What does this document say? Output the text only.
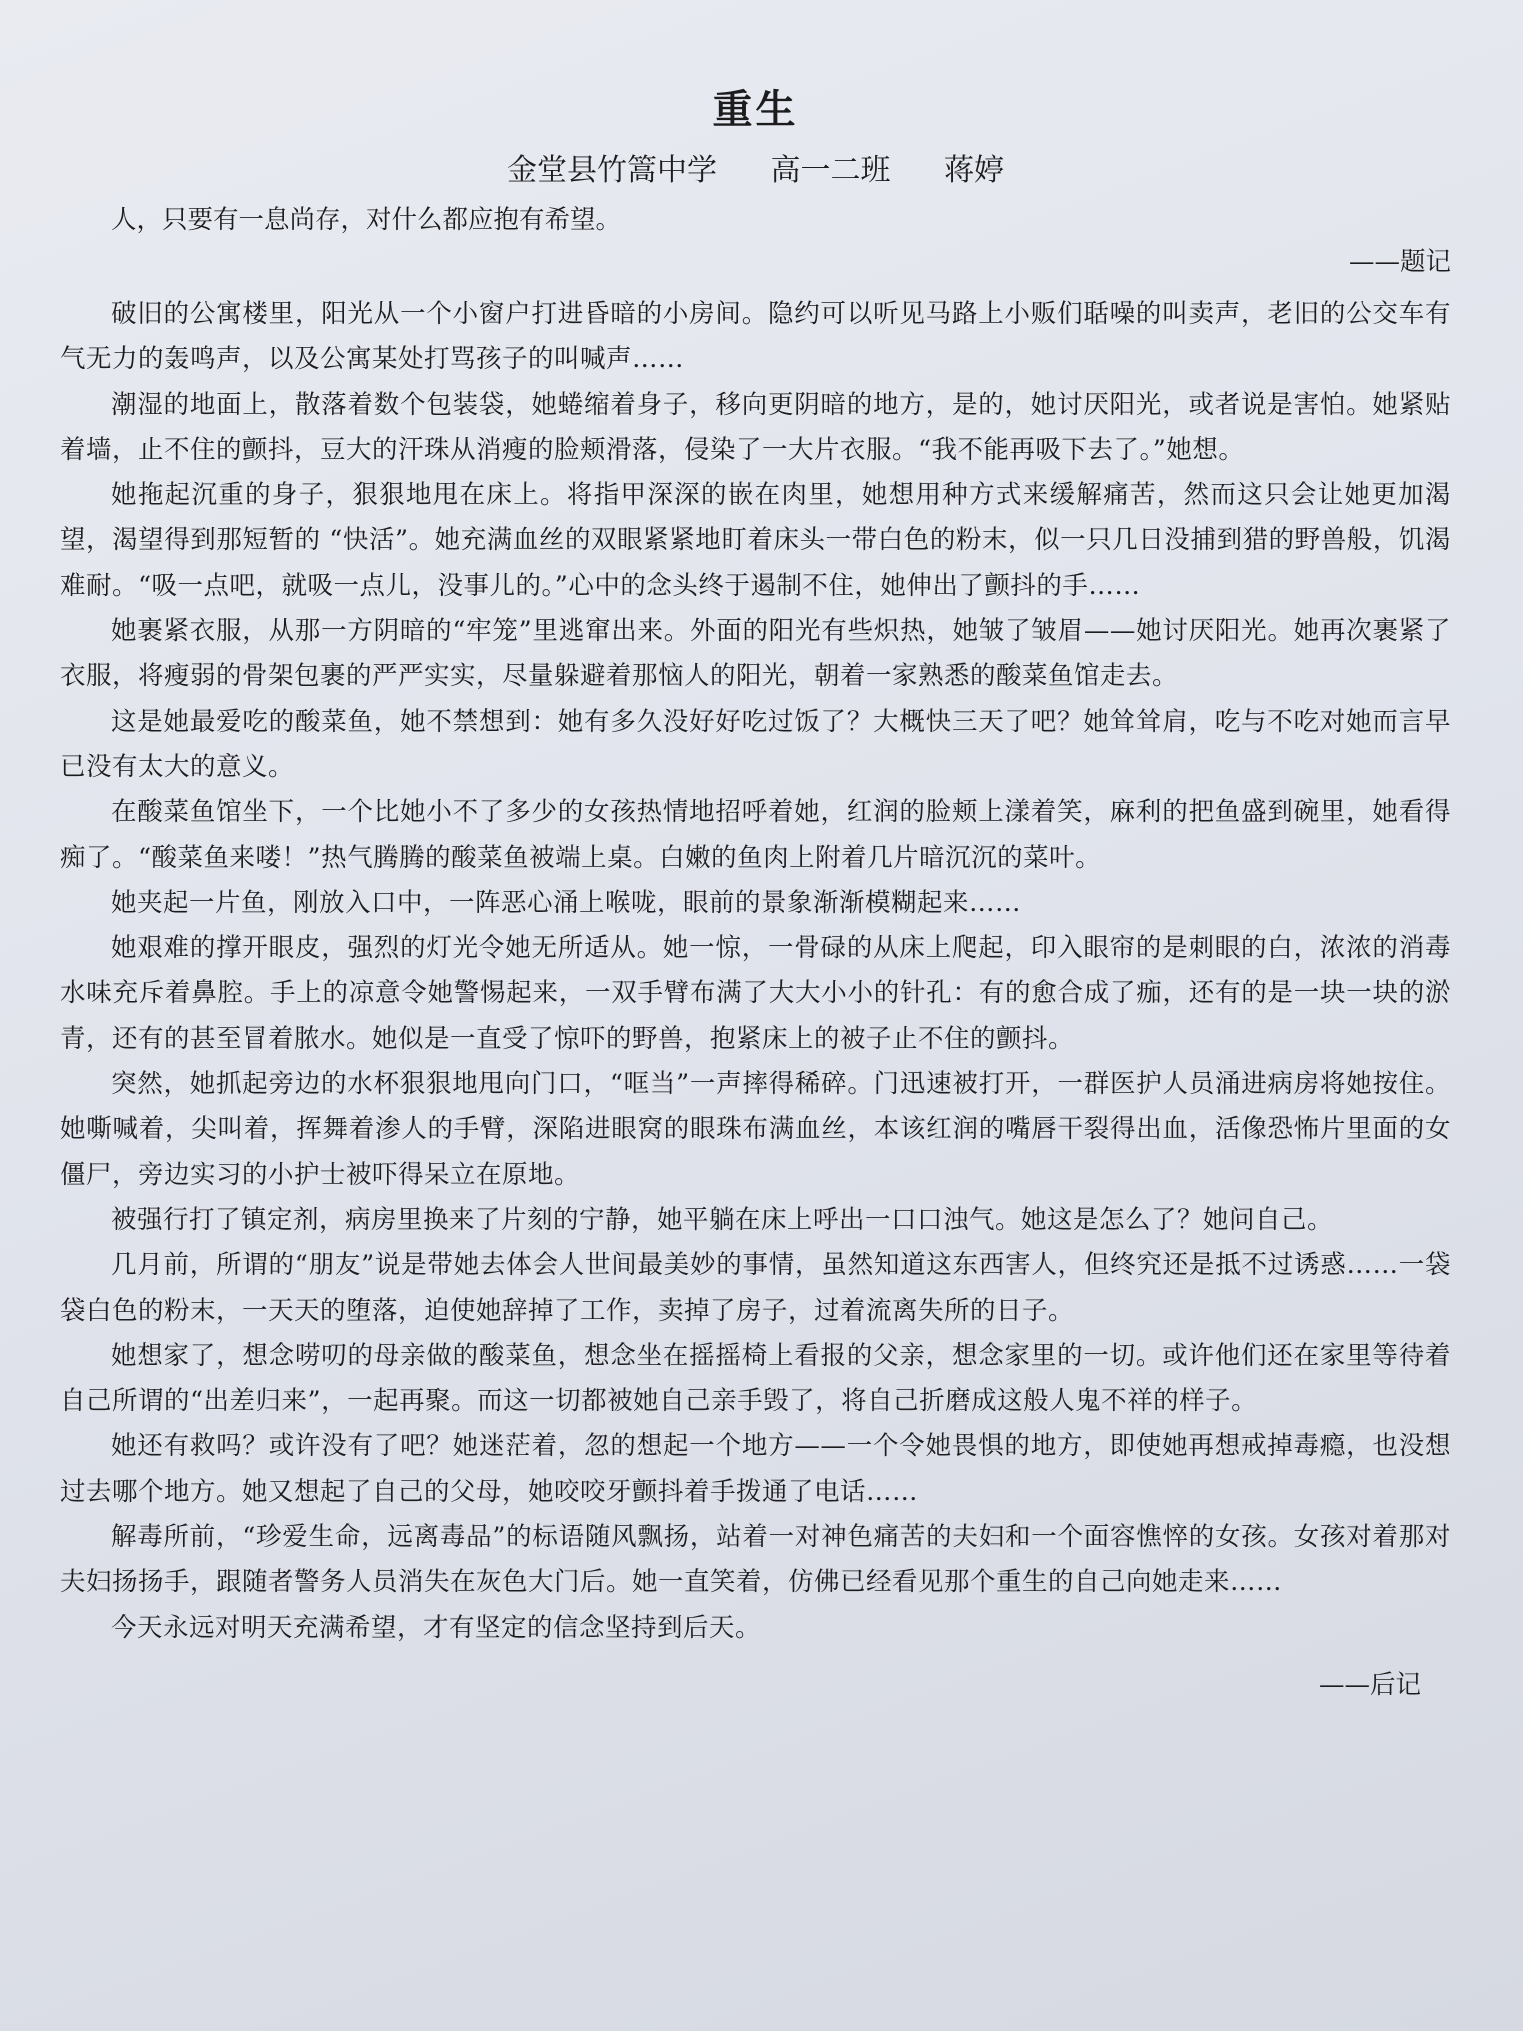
重生
金堂县竹篙中学 高一二班 蒋婷

人，只要有一息尚存，对什么都应抱有希望。

——题记

破旧的公寓楼里，阳光从一个小窗户打进昏暗的小房间。隐约可以听见马路上小贩们聒噪的叫卖声，老旧的公交车有气无力的轰鸣声，以及公寓某处打骂孩子的叫喊声……

潮湿的地面上，散落着数个包装袋，她蜷缩着身子，移向更阴暗的地方，是的，她讨厌阳光，或者说是害怕。她紧贴着墙，止不住的颤抖，豆大的汗珠从消瘦的脸颊滑落，侵染了一大片衣服。“我不能再吸下去了。”她想。

她拖起沉重的身子，狠狠地甩在床上。将指甲深深的嵌在肉里，她想用种方式来缓解痛苦，然而这只会让她更加渴望，渴望得到那短暂的 “快活”。她充满血丝的双眼紧紧地盯着床头一带白色的粉末，似一只几日没捕到猎的野兽般，饥渴难耐。“吸一点吧，就吸一点儿，没事儿的。”心中的念头终于遏制不住，她伸出了颤抖的手……

她裹紧衣服，从那一方阴暗的“牢笼”里逃窜出来。外面的阳光有些炽热，她皱了皱眉——她讨厌阳光。她再次裹紧了衣服，将瘦弱的骨架包裹的严严实实，尽量躲避着那恼人的阳光，朝着一家熟悉的酸菜鱼馆走去。

这是她最爱吃的酸菜鱼，她不禁想到：她有多久没好好吃过饭了？大概快三天了吧？她耸耸肩，吃与不吃对她而言早已没有太大的意义。

在酸菜鱼馆坐下，一个比她小不了多少的女孩热情地招呼着她，红润的脸颊上漾着笑，麻利的把鱼盛到碗里，她看得痴了。“酸菜鱼来喽！”热气腾腾的酸菜鱼被端上桌。白嫩的鱼肉上附着几片暗沉沉的菜叶。

她夹起一片鱼，刚放入口中，一阵恶心涌上喉咙，眼前的景象渐渐模糊起来……

她艰难的撑开眼皮，强烈的灯光令她无所适从。她一惊，一骨碌的从床上爬起，印入眼帘的是刺眼的白，浓浓的消毒水味充斥着鼻腔。手上的凉意令她警惕起来，一双手臂布满了大大小小的针孔：有的愈合成了痂，还有的是一块一块的淤青，还有的甚至冒着脓水。她似是一直受了惊吓的野兽，抱紧床上的被子止不住的颤抖。

突然，她抓起旁边的水杯狠狠地甩向门口，“哐当”一声摔得稀碎。门迅速被打开，一群医护人员涌进病房将她按住。她嘶喊着，尖叫着，挥舞着渗人的手臂，深陷进眼窝的眼珠布满血丝，本该红润的嘴唇干裂得出血，活像恐怖片里面的女僵尸，旁边实习的小护士被吓得呆立在原地。

被强行打了镇定剂，病房里换来了片刻的宁静，她平躺在床上呼出一口口浊气。她这是怎么了？她问自己。

几月前，所谓的“朋友”说是带她去体会人世间最美妙的事情，虽然知道这东西害人，但终究还是抵不过诱惑……一袋袋白色的粉末，一天天的堕落，迫使她辞掉了工作，卖掉了房子，过着流离失所的日子。

她想家了，想念唠叨的母亲做的酸菜鱼，想念坐在摇摇椅上看报的父亲，想念家里的一切。或许他们还在家里等待着自己所谓的“出差归来”，一起再聚。而这一切都被她自己亲手毁了，将自己折磨成这般人鬼不祥的样子。

她还有救吗？或许没有了吧？她迷茫着，忽的想起一个地方——一个令她畏惧的地方，即使她再想戒掉毒瘾，也没想过去哪个地方。她又想起了自己的父母，她咬咬牙颤抖着手拨通了电话……

解毒所前，“珍爱生命，远离毒品”的标语随风飘扬，站着一对神色痛苦的夫妇和一个面容憔悴的女孩。女孩对着那对夫妇扬扬手，跟随者警务人员消失在灰色大门后。她一直笑着，仿佛已经看见那个重生的自己向她走来……

今天永远对明天充满希望，才有坚定的信念坚持到后天。

——后记
